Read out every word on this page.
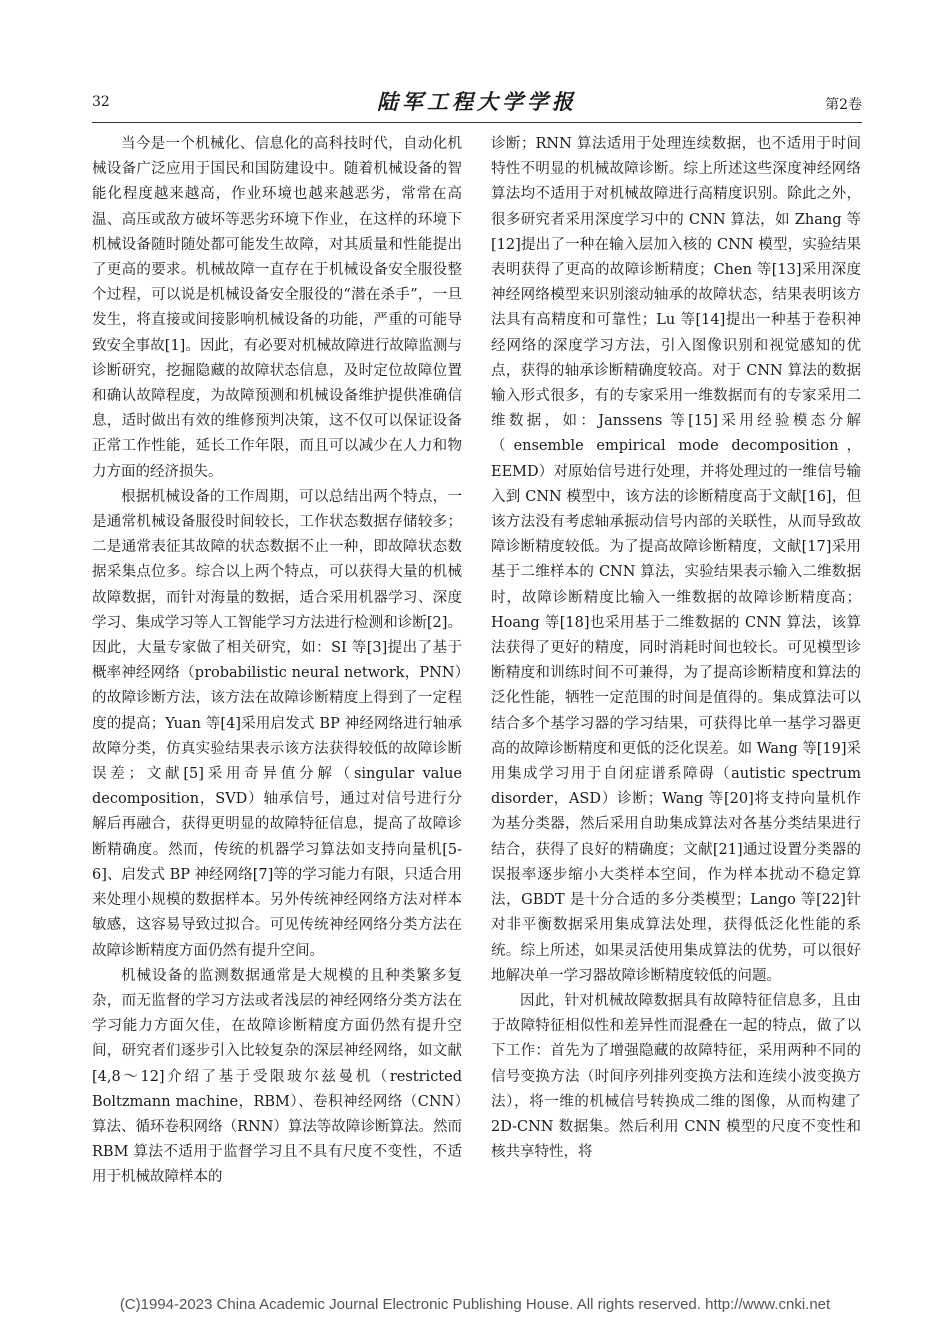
32	陆军工程大学学报	第2卷

当今是一个机械化、信息化的高科技时代，自动化机械设备广泛应用于国民和国防建设中。随着机械设备的智能化程度越来越高，作业环境也越来越恶劣，常常在高温、高压或敌方破坏等恶劣环境下作业，在这样的环境下机械设备随时随处都可能发生故障，对其质量和性能提出了更高的要求。机械故障一直存在于机械设备安全服役整个过程，可以说是机械设备安全服役的“潜在杀手”，一旦发生，将直接或间接影响机械设备的功能，严重的可能导致安全事故[1]。因此，有必要对机械故障进行故障监测与诊断研究，挖掘隐藏的故障状态信息，及时定位故障位置和确认故障程度，为故障预测和机械设备维护提供准确信息，适时做出有效的维修预判决策，这不仅可以保证设备正常工作性能，延长工作年限，而且可以减少在人力和物力方面的经济损失。

根据机械设备的工作周期，可以总结出两个特点，一是通常机械设备服役时间较长，工作状态数据存储较多；二是通常表征其故障的状态数据不止一种，即故障状态数据采集点位多。综合以上两个特点，可以获得大量的机械故障数据，而针对海量的数据，适合采用机器学习、深度学习、集成学习等人工智能学习方法进行检测和诊断[2]。因此，大量专家做了相关研究，如：SI 等[3]提出了基于概率神经网络（probabilistic neural network，PNN）的故障诊断方法，该方法在故障诊断精度上得到了一定程度的提高；Yuan 等[4]采用启发式 BP 神经网络进行轴承故障分类，仿真实验结果表示该方法获得较低的故障诊断误差；文献[5]采用奇异值分解（singular value decomposition，SVD）轴承信号，通过对信号进行分解后再融合，获得更明显的故障特征信息，提高了故障诊断精确度。然而，传统的机器学习算法如支持向量机[5-6]、启发式 BP 神经网络[7]等的学习能力有限，只适合用来处理小规模的数据样本。另外传统神经网络方法对样本敏感，这容易导致过拟合。可见传统神经网络分类方法在故障诊断精度方面仍然有提升空间。

机械设备的监测数据通常是大规模的且种类繁多复杂，而无监督的学习方法或者浅层的神经网络分类方法在学习能力方面欠佳，在故障诊断精度方面仍然有提升空间，研究者们逐步引入比较复杂的深层神经网络，如文献[4,8～12]介绍了基于受限玻尔兹曼机（restricted Boltzmann machine，RBM）、卷积神经网络（CNN）算法、循环卷积网络（RNN）算法等故障诊断算法。然而 RBM 算法不适用于监督学习且不具有尺度不变性，不适用于机械故障样本的

诊断；RNN 算法适用于处理连续数据，也不适用于时间特性不明显的机械故障诊断。综上所述这些深度神经网络算法均不适用于对机械故障进行高精度识别。除此之外，很多研究者采用深度学习中的 CNN 算法，如 Zhang 等[12]提出了一种在输入层加入核的 CNN 模型，实验结果表明获得了更高的故障诊断精度；Chen 等[13]采用深度神经网络模型来识别滚动轴承的故障状态，结果表明该方法具有高精度和可靠性；Lu 等[14]提出一种基于卷积神经网络的深度学习方法，引入图像识别和视觉感知的优点，获得的轴承诊断精确度较高。对于 CNN 算法的数据输入形式很多，有的专家采用一维数据而有的专家采用二维数据，如：Janssens 等[15]采用经验模态分解（ensemble empirical mode decomposition，EEMD）对原始信号进行处理，并将处理过的一维信号输入到 CNN 模型中，该方法的诊断精度高于文献[16]，但该方法没有考虑轴承振动信号内部的关联性，从而导致故障诊断精度较低。为了提高故障诊断精度，文献[17]采用基于二维样本的 CNN 算法，实验结果表示输入二维数据时，故障诊断精度比输入一维数据的故障诊断精度高；Hoang 等[18]也采用基于二维数据的 CNN 算法，该算法获得了更好的精度，同时消耗时间也较长。可见模型诊断精度和训练时间不可兼得，为了提高诊断精度和算法的泛化性能，牺牲一定范围的时间是值得的。集成算法可以结合多个基学习器的学习结果，可获得比单一基学习器更高的故障诊断精度和更低的泛化误差。如 Wang 等[19]采用集成学习用于自闭症谱系障碍（autistic spectrum disorder，ASD）诊断；Wang 等[20]将支持向量机作为基分类器，然后采用自助集成算法对各基分类结果进行结合，获得了良好的精确度；文献[21]通过设置分类器的误报率逐步缩小大类样本空间，作为样本扰动不稳定算法，GBDT 是十分合适的多分类模型；Lango 等[22]针对非平衡数据采用集成算法处理，获得低泛化性能的系统。综上所述，如果灵活使用集成算法的优势，可以很好地解决单一学习器故障诊断精度较低的问题。

因此，针对机械故障数据具有故障特征信息多，且由于故障特征相似性和差异性而混叠在一起的特点，做了以下工作：首先为了增强隐藏的故障特征，采用两种不同的信号变换方法（时间序列排列变换方法和连续小波变换方法），将一维的机械信号转换成二维的图像，从而构建了 2D-CNN 数据集。然后利用 CNN 模型的尺度不变性和核共享特性，将

(C)1994-2023 China Academic Journal Electronic Publishing House. All rights reserved. http://www.cnki.net
